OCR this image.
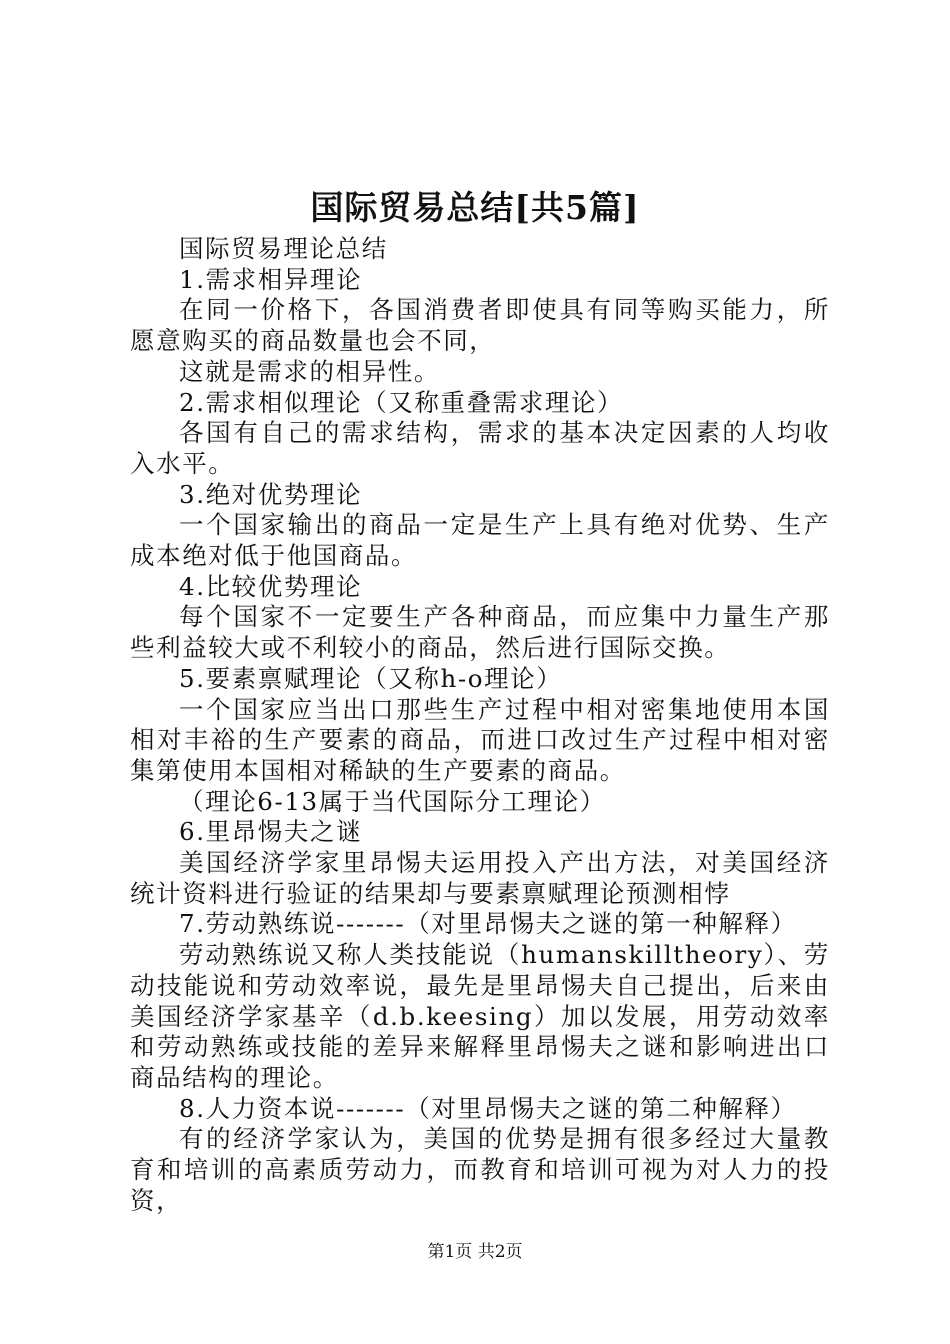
国际贸易总结[共5篇]

国际贸易理论总结

1.需求相异理论

在同一价格下，各国消费者即使具有同等购买能力，所愿意购买的商品数量也会不同，

这就是需求的相异性。

2.需求相似理论（又称重叠需求理论）

各国有自己的需求结构，需求的基本决定因素的人均收入水平。

3.绝对优势理论

一个国家输出的商品一定是生产上具有绝对优势、生产成本绝对低于他国商品。

4.比较优势理论

每个国家不一定要生产各种商品，而应集中力量生产那些利益较大或不利较小的商品，然后进行国际交换。

5.要素禀赋理论（又称h-o理论）

一个国家应当出口那些生产过程中相对密集地使用本国相对丰裕的生产要素的商品，而进口改过生产过程中相对密集第使用本国相对稀缺的生产要素的商品。

（理论6-13属于当代国际分工理论）

6.里昂惕夫之谜

美国经济学家里昂惕夫运用投入产出方法，对美国经济统计资料进行验证的结果却与要素禀赋理论预测相悖

7.劳动熟练说-------（对里昂惕夫之谜的第一种解释）

劳动熟练说又称人类技能说（humanskilltheory）、劳动技能说和劳动效率说，最先是里昂惕夫自己提出，后来由美国经济学家基辛（d.b.keesing）加以发展，用劳动效率和劳动熟练或技能的差异来解释里昂惕夫之谜和影响进出口商品结构的理论。

8.人力资本说-------（对里昂惕夫之谜的第二种解释）

有的经济学家认为，美国的优势是拥有很多经过大量教育和培训的高素质劳动力，而教育和培训可视为对人力的投资，

第1页 共2页
